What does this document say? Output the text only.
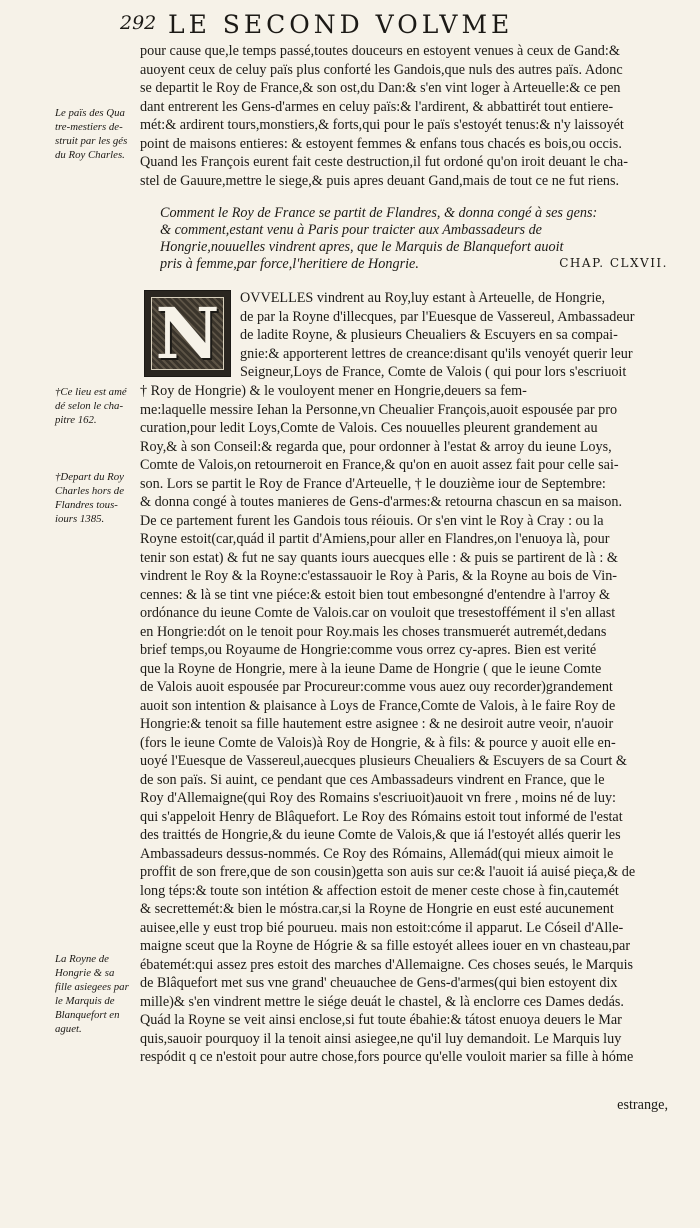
292 LE SECOND VOLVME
pour cause que,le temps passé,toutes douceurs en estoyent venues à ceux de Gand:&
auoyent ceux de celuy païs plus conforté les Gandois,que nuls des autres païs. Adonc
se departit le Roy de France,& son ost,du Dan:& s'en vint loger à Arteuelle:& ce pen
dant entrerent les Gens-d'armes en celuy païs:& l'ardirent, & abbattirét tout entiere-
mét:& ardirent tours,monstiers,& forts,qui pour le païs s'estoyét tenus:& n'y laissoyét
point de maisons entieres: & estoyent femmes & enfans tous chacés es bois,ou occis.
Quand les François eurent fait ceste destruction,il fut ordoné qu'on iroit deuant le cha-
stel de Gauure,mettre le siege,& puis apres deuant Gand,mais de tout ce ne fut riens.
Comment le Roy de France se partit de Flandres, & donna congé à ses gens:
& comment,estant venu à Paris pour traicter aux Ambassadeurs de
Hongrie,nouuelles vindrent apres, que le Marquis de Blanquefort auoit
pris à femme,par force,l'heritiere de Hongrie.	CHAP. CLXVII.
N	OVVELLES vindrent au Roy,luy estant à Arteuelle, de Hongrie,
de par la Royne d'illecques, par l'Euesque de Vassereul, Ambassadeur
de ladite Royne, & plusieurs Cheualiers & Escuyers en sa compai-
gnie:& apporterent lettres de creance:disant qu'ils venoyét querir leur
Seigneur,Loys de France, Comte de Valois ( qui pour lors s'escriuoit
† Roy de Hongrie) & le vouloyent mener en Hongrie,deuers sa fem-
me:laquelle messire Iehan la Personne,vn Cheualier François,auoit espousée par pro
curation,pour ledit Loys,Comte de Valois. Ces nouuelles pleurent grandement au
Roy,& à son Conseil:& regarda que, pour ordonner à l'estat & arroy du ieune Loys,
Comte de Valois,on retourneroit en France,& qu'on en auoit assez fait pour celle sai-
son. Lors se partit le Roy de France d'Arteuelle, † le douzième iour de Septembre:
& donna congé à toutes manieres de Gens-d'armes:& retourna chascun en sa maison.
De ce partement furent les Gandois tous réiouis. Or s'en vint le Roy à Cray : ou la
Royne estoit(car,quád il partit d'Amiens,pour aller en Flandres,on l'enuoya là, pour
tenir son estat) & fut ne say quants iours auecques elle : & puis se partirent de là : &
vindrent le Roy & la Royne:c'estassauoir le Roy à Paris, & la Royne au bois de Vin-
cennes: & là se tint vne piéce:& estoit bien tout embesongné d'entendre à l'arroy &
ordónance du ieune Comte de Valois.car on vouloit que tresestoffément il s'en allast
en Hongrie:dót on le tenoit pour Roy.mais les choses transmuerét autremét,dedans
brief temps,ou Royaume de Hongrie:comme vous orrez cy-apres. Bien est verité
que la Royne de Hongrie, mere à la ieune Dame de Hongrie ( que le ieune Comte
de Valois auoit espousée par Procureur:comme vous auez ouy recorder)grandement
auoit son intention & plaisance à Loys de France,Comte de Valois, à le faire Roy de
Hongrie:& tenoit sa fille hautement estre asignee : & ne desiroit autre veoir, n'auoir
(fors le ieune Comte de Valois)à Roy de Hongrie, & à fils: & pource y auoit elle en-
uoyé l'Euesque de Vassereul,auecques plusieurs Cheualiers & Escuyers de sa Court &
de son païs. Si auint, ce pendant que ces Ambassadeurs vindrent en France, que le
Roy d'Allemaigne(qui Roy des Romains s'escriuoit)auoit vn frere , moins né de luy:
qui s'appeloit Henry de Blâquefort. Le Roy des Rómains estoit tout informé de l'estat
des traittés de Hongrie,& du ieune Comte de Valois,& que iá l'estoyét allés querir les
Ambassadeurs dessus-nommés. Ce Roy des Rómains, Allemád(qui mieux aimoit le
proffit de son frere,que de son cousin)getta son auis sur ce:& l'auoit iá auisé pieça,& de
long téps:& toute son intétion & affection estoit de mener ceste chose à fin,cautemét
& secrettemét:& bien le móstra.car,si la Royne de Hongrie en eust esté aucunement
auisee,elle y eust trop bié pourueu. mais non estoit:cóme il apparut. Le Cóseil d'Alle-
maigne sceut que la Royne de Hógrie & sa fille estoyét allees iouer en vn chasteau,par
ébatemét:qui assez pres estoit des marches d'Allemaigne. Ces choses seués, le Marquis
de Blâquefort met sus vne grand' cheuauchee de Gens-d'armes(qui bien estoyent dix
mille)& s'en vindrent mettre le siége deuát le chastel, & là enclorre ces Dames dedás.
Quád la Royne se veit ainsi enclose,si fut toute ébahie:& tátost enuoya deuers le Mar
quis,sauoir pourquoy il la tenoit ainsi asiegee,ne qu'il luy demandoit. Le Marquis luy
respódit q ce n'estoit pour autre chose,fors pource qu'elle vouloit marier sa fille à hóme
estrange,
Le païs des Qua
tre-mestiers de-
struit par les gés
du Roy Charles.
†Ce lieu est amé
dé selon le cha-
pitre 162.
†Depart du Roy
Charles hors de
Flandres tous-
iours 1385.
La Royne de
Hongrie & sa
fille asiegees par
le Marquis de
Blanquefort en
aguet.
